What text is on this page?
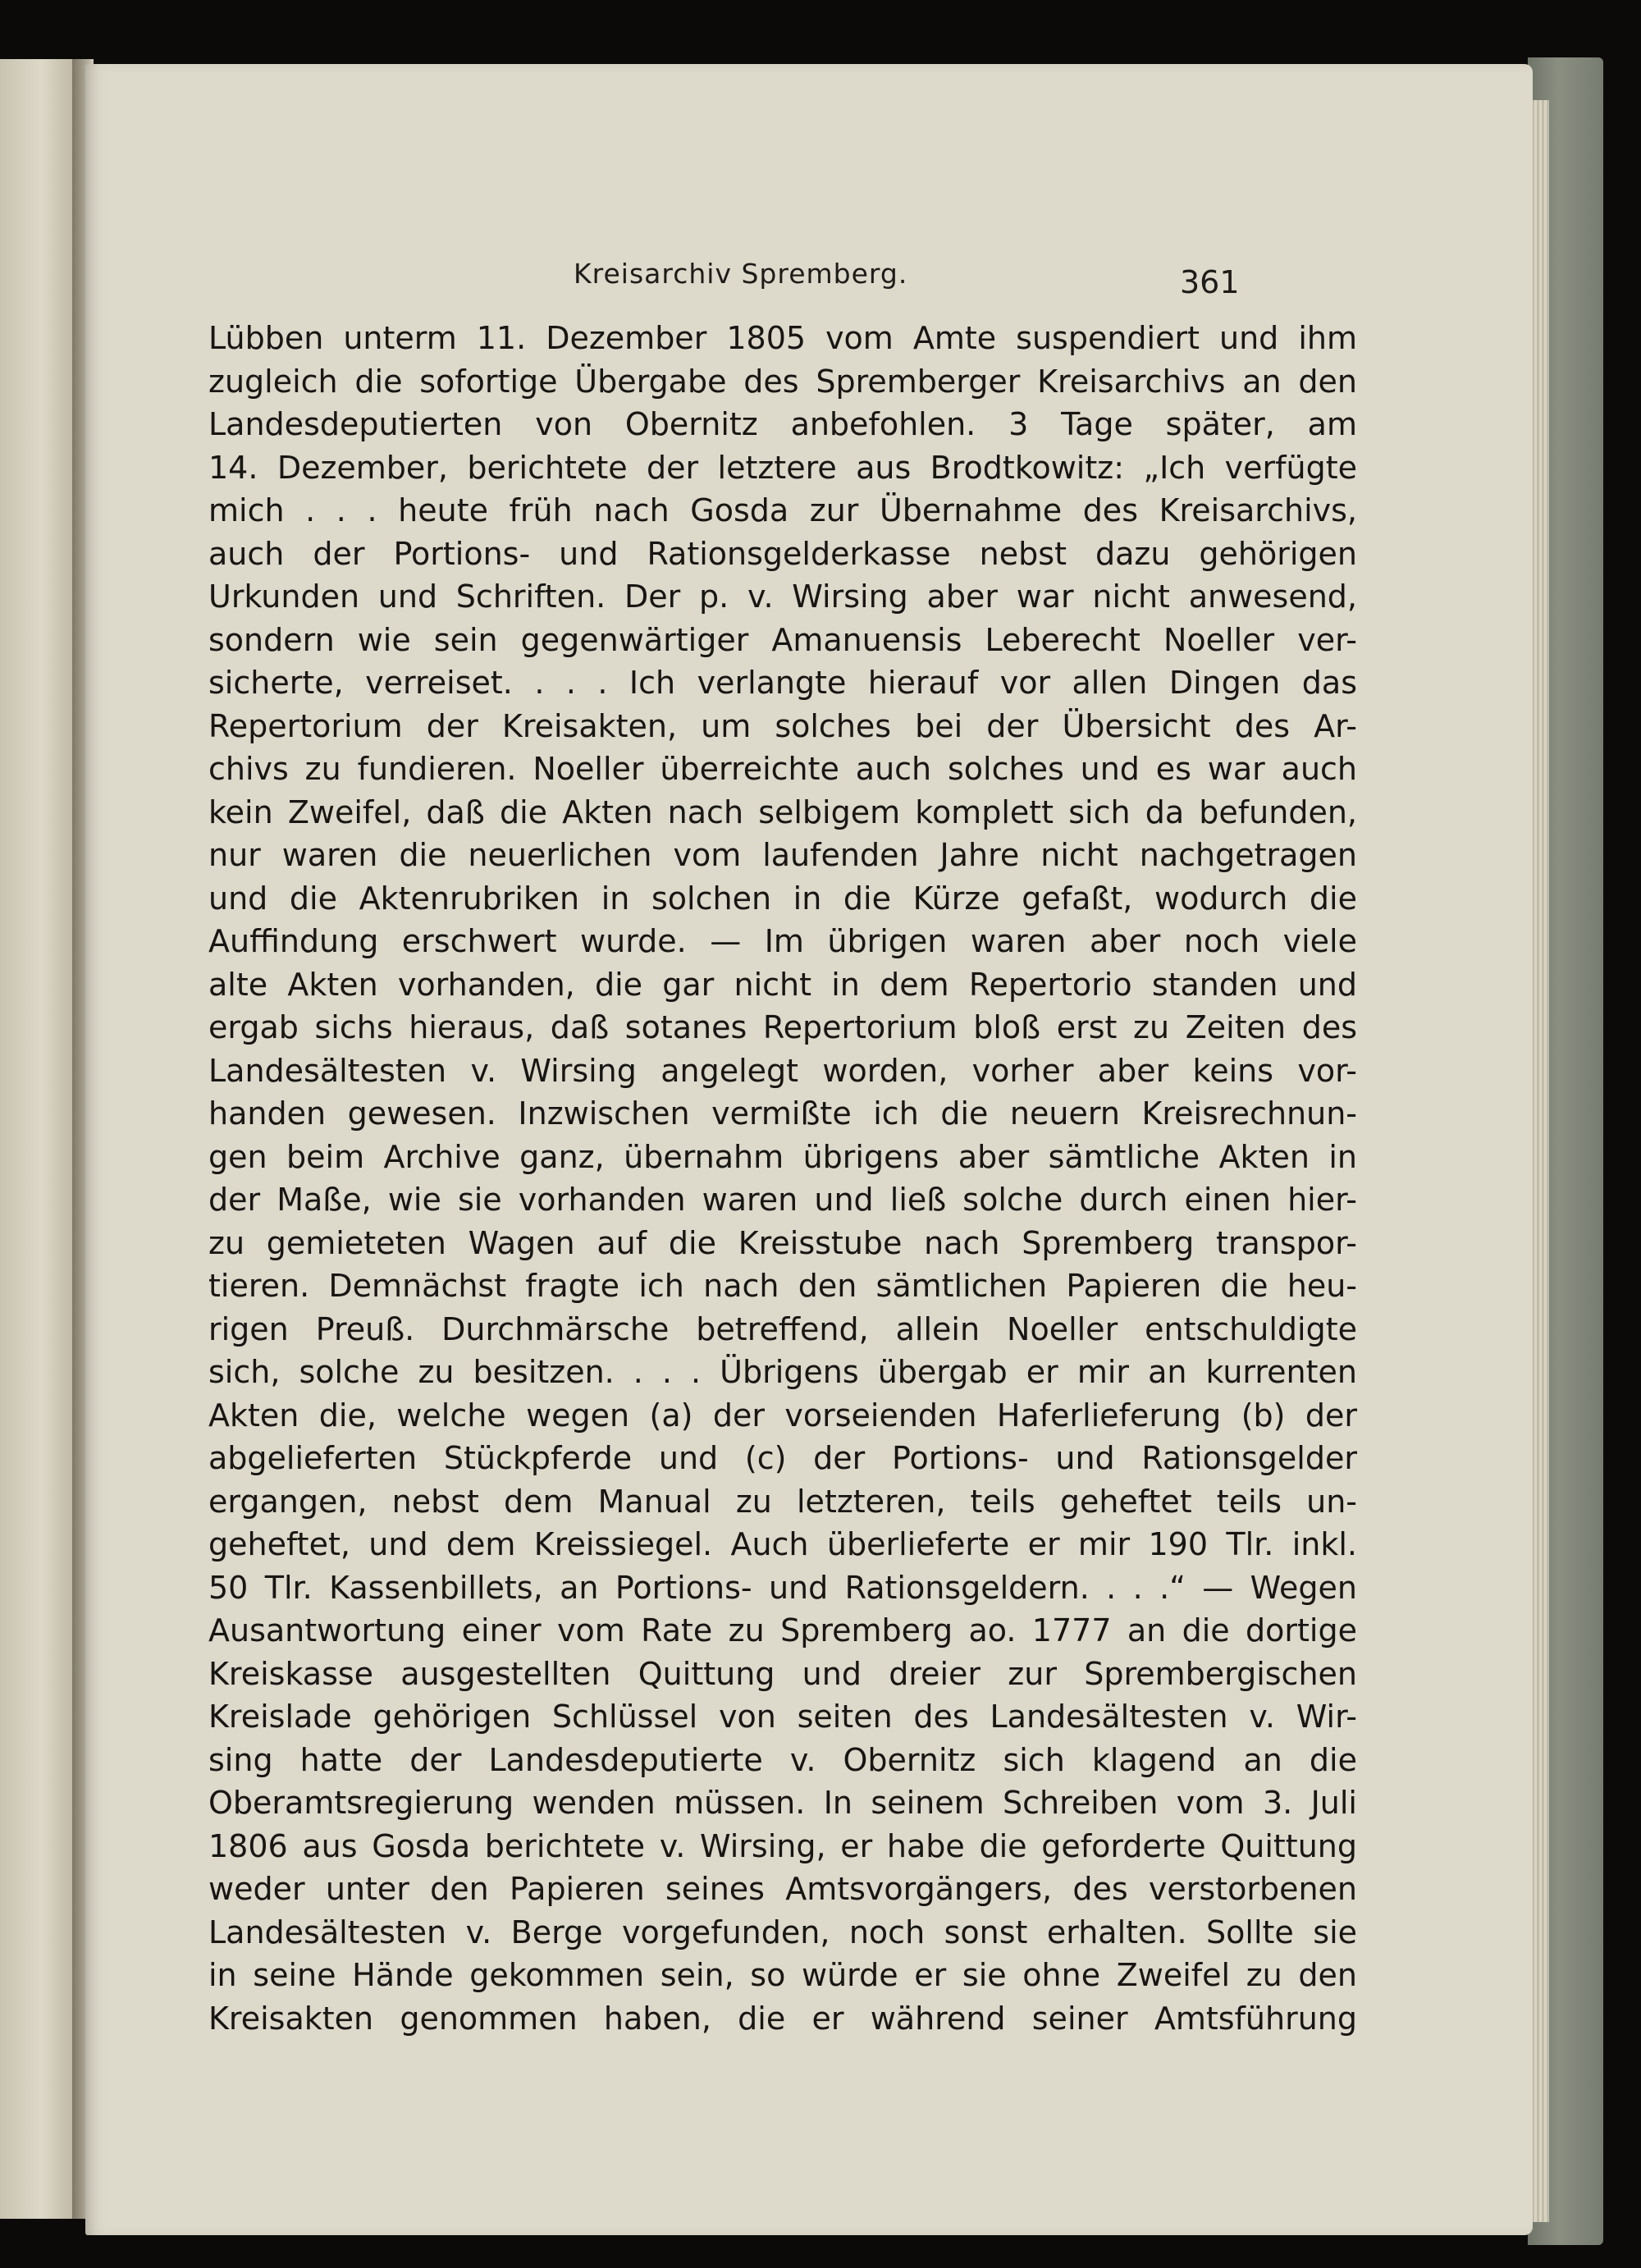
Kreisarchiv Spremberg.	361
Lübben unterm 11. Dezember 1805 vom Amte suspendiert und ihm
zugleich die sofortige Übergabe des Spremberger Kreisarchivs an den
Landesdeputierten von Obernitz anbefohlen. 3 Tage später, am
14. Dezember, berichtete der letztere aus Brodtkowitz: „Ich verfügte
mich . . . heute früh nach Gosda zur Übernahme des Kreisarchivs,
auch der Portions- und Rationsgelderkasse nebst dazu gehörigen
Urkunden und Schriften. Der p. v. Wirsing aber war nicht anwesend,
sondern wie sein gegenwärtiger Amanuensis Leberecht Noeller ver-
sicherte, verreiset. . . . Ich verlangte hierauf vor allen Dingen das
Repertorium der Kreisakten, um solches bei der Übersicht des Ar-
chivs zu fundieren. Noeller überreichte auch solches und es war auch
kein Zweifel, daß die Akten nach selbigem komplett sich da befunden,
nur waren die neuerlichen vom laufenden Jahre nicht nachgetragen
und die Aktenrubriken in solchen in die Kürze gefaßt, wodurch die
Auffindung erschwert wurde. — Im übrigen waren aber noch viele
alte Akten vorhanden, die gar nicht in dem Repertorio standen und
ergab sichs hieraus, daß sotanes Repertorium bloß erst zu Zeiten des
Landesältesten v. Wirsing angelegt worden, vorher aber keins vor-
handen gewesen. Inzwischen vermißte ich die neuern Kreisrechnun-
gen beim Archive ganz, übernahm übrigens aber sämtliche Akten in
der Maße, wie sie vorhanden waren und ließ solche durch einen hier-
zu gemieteten Wagen auf die Kreisstube nach Spremberg transpor-
tieren. Demnächst fragte ich nach den sämtlichen Papieren die heu-
rigen Preuß. Durchmärsche betreffend, allein Noeller entschuldigte
sich, solche zu besitzen. . . . Übrigens übergab er mir an kurrenten
Akten die, welche wegen (a) der vorseienden Haferlieferung (b) der
abgelieferten Stückpferde und (c) der Portions- und Rationsgelder
ergangen, nebst dem Manual zu letzteren, teils geheftet teils un-
geheftet, und dem Kreissiegel. Auch überlieferte er mir 190 Tlr. inkl.
50 Tlr. Kassenbillets, an Portions- und Rationsgeldern. . . .“ — Wegen
Ausantwortung einer vom Rate zu Spremberg ao. 1777 an die dortige
Kreiskasse ausgestellten Quittung und dreier zur Sprembergischen
Kreislade gehörigen Schlüssel von seiten des Landesältesten v. Wir-
sing hatte der Landesdeputierte v. Obernitz sich klagend an die
Oberamtsregierung wenden müssen. In seinem Schreiben vom 3. Juli
1806 aus Gosda berichtete v. Wirsing, er habe die geforderte Quittung
weder unter den Papieren seines Amtsvorgängers, des verstorbenen
Landesältesten v. Berge vorgefunden, noch sonst erhalten. Sollte sie
in seine Hände gekommen sein, so würde er sie ohne Zweifel zu den
Kreisakten genommen haben, die er während seiner Amtsführung
